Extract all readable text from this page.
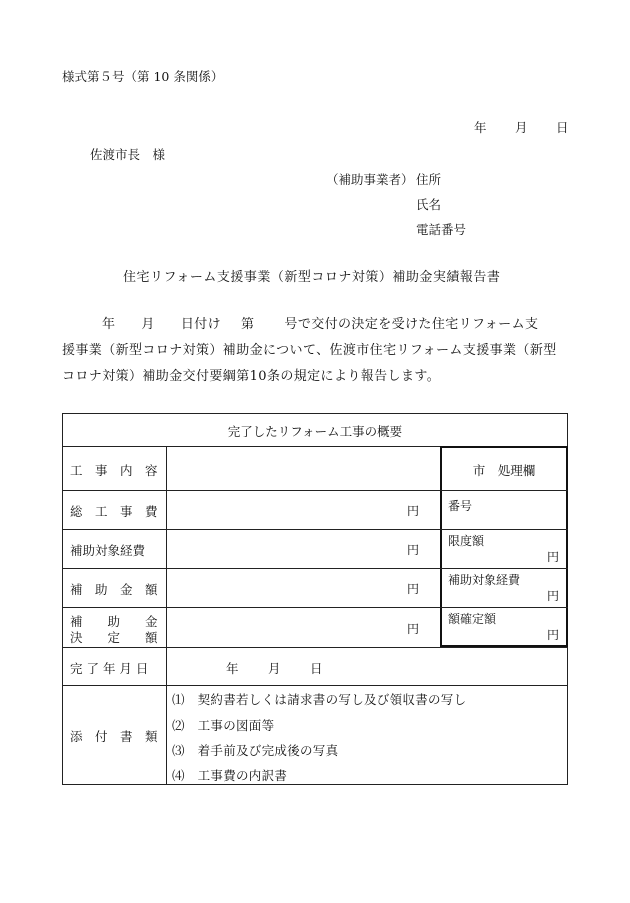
様式第５号（第 10 条関係）
年 月 日
佐渡市長　様
（補助事業者） 住所
氏名
電話番号
住宅リフォーム支援事業（新型コロナ対策）補助金実績報告書
年 月 日付け 第 号で交付の決定を受けた住宅リフォーム支
援事業（新型コロナ対策）補助金について、佐渡市住宅リフォーム支援事業（新型
コロナ対策）補助金交付要綱第10条の規定により報告します。
完了したリフォーム工事の概要
工　事　内　容
総　工　事　費
補助対象経費
補　助　金　額
補　　助　　金
決　　定　　額
完 了 年 月 日
添　付　書　類
円
円
円
円
年 月 日
市　処理欄
番号
限度額
円
補助対象経費
円
額確定額
円
⑴　契約書若しくは請求書の写し及び領収書の写し
⑵　工事の図面等
⑶　着手前及び完成後の写真
⑷　工事費の内訳書
